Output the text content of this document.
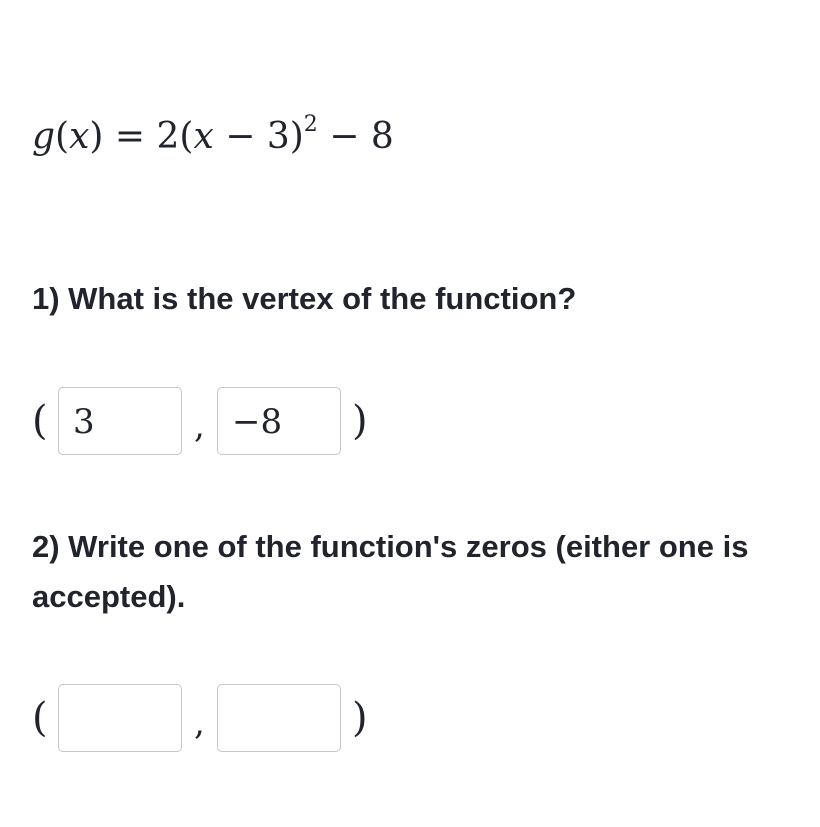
$g(x) = 2(x - 3)^2 - 8$
1) What is the vertex of the function?
( 3	, −8	)
2) Write one of the function's zeros (either one is accepted).
(	,	)
